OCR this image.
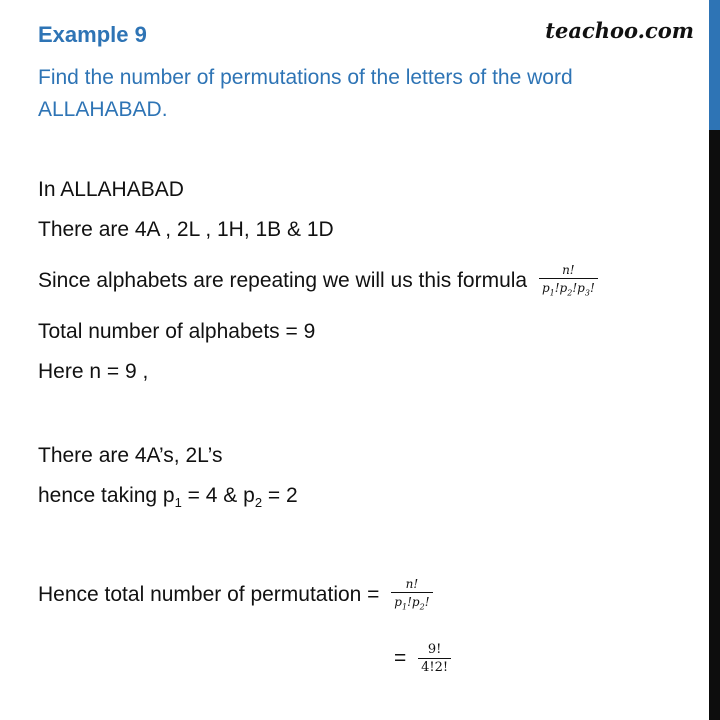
Example 9	teachoo.com
Find the number of permutations of the letters of the word ALLAHABAD.
In ALLAHABAD
There are 4A , 2L , 1H, 1B & 1D
Since alphabets are repeating we will us this formula $\frac{n!}{p_1!p_2!p_3!}$
Total number of alphabets = 9
Here n = 9 ,
There are 4A’s, 2L’s
hence taking $p_1 = 4$ & $p_2 = 2$
Hence total number of permutation = $\frac{n!}{p_1!p_2!}$
= $\frac{9!}{4!2!}$
